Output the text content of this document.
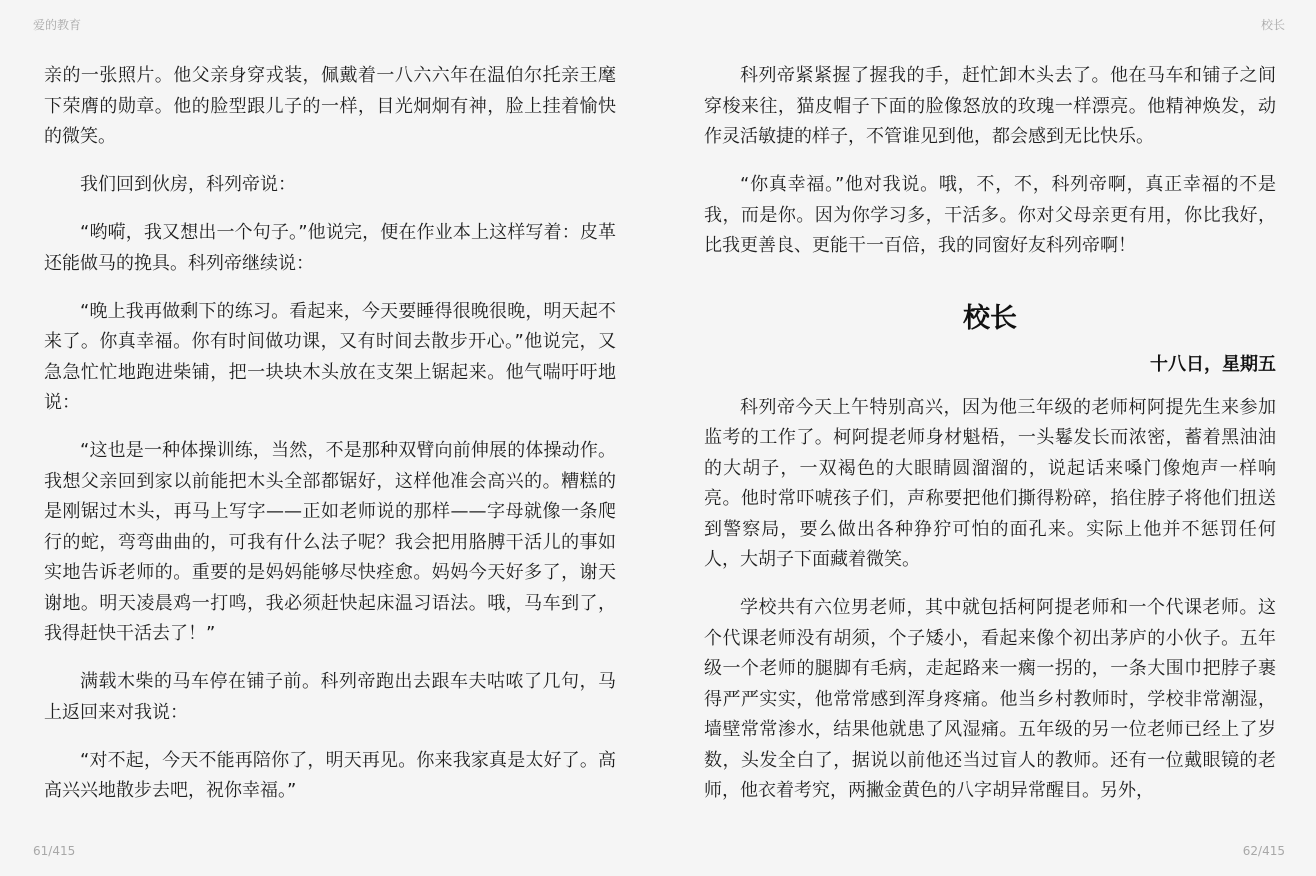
爱的教育	校长

亲的一张照片。他父亲身穿戎装，佩戴着一八六六年在温伯尔托亲王麾下荣膺的勋章。他的脸型跟儿子的一样，目光炯炯有神，脸上挂着愉快的微笑。

我们回到伙房，科列帝说：

“哟嗬，我又想出一个句子。”他说完，便在作业本上这样写着：皮革还能做马的挽具。科列帝继续说：

“晚上我再做剩下的练习。看起来，今天要睡得很晚很晚，明天起不来了。你真幸福。你有时间做功课，又有时间去散步开心。”他说完，又急急忙忙地跑进柴铺，把一块块木头放在支架上锯起来。他气喘吁吁地说：

“这也是一种体操训练，当然，不是那种双臂向前伸展的体操动作。我想父亲回到家以前能把木头全部都锯好，这样他准会高兴的。糟糕的是刚锯过木头，再马上写字——正如老师说的那样——字母就像一条爬行的蛇，弯弯曲曲的，可我有什么法子呢？我会把用胳膊干活儿的事如实地告诉老师的。重要的是妈妈能够尽快痊愈。妈妈今天好多了，谢天谢地。明天凌晨鸡一打鸣，我必须赶快起床温习语法。哦，马车到了，我得赶快干活去了！”

满载木柴的马车停在铺子前。科列帝跑出去跟车夫咕哝了几句，马上返回来对我说：

“对不起，今天不能再陪你了，明天再见。你来我家真是太好了。高高兴兴地散步去吧，祝你幸福。”

科列帝紧紧握了握我的手，赶忙卸木头去了。他在马车和铺子之间穿梭来往，猫皮帽子下面的脸像怒放的玫瑰一样漂亮。他精神焕发，动作灵活敏捷的样子，不管谁见到他，都会感到无比快乐。

“你真幸福。”他对我说。哦，不，不，科列帝啊，真正幸福的不是我，而是你。因为你学习多，干活多。你对父母亲更有用，你比我好，比我更善良、更能干一百倍，我的同窗好友科列帝啊！

校长
十八日，星期五

科列帝今天上午特别高兴，因为他三年级的老师柯阿提先生来参加监考的工作了。柯阿提老师身材魁梧，一头鬈发长而浓密，蓄着黑油油的大胡子，一双褐色的大眼睛圆溜溜的，说起话来嗓门像炮声一样响亮。他时常吓唬孩子们，声称要把他们撕得粉碎，掐住脖子将他们扭送到警察局，要么做出各种狰狞可怕的面孔来。实际上他并不惩罚任何人，大胡子下面藏着微笑。

学校共有六位男老师，其中就包括柯阿提老师和一个代课老师。这个代课老师没有胡须，个子矮小，看起来像个初出茅庐的小伙子。五年级一个老师的腿脚有毛病，走起路来一瘸一拐的，一条大围巾把脖子裹得严严实实，他常常感到浑身疼痛。他当乡村教师时，学校非常潮湿，墙壁常常渗水，结果他就患了风湿痛。五年级的另一位老师已经上了岁数，头发全白了，据说以前他还当过盲人的教师。还有一位戴眼镜的老师，他衣着考究，两撇金黄色的八字胡异常醒目。另外，

61/415	62/415
